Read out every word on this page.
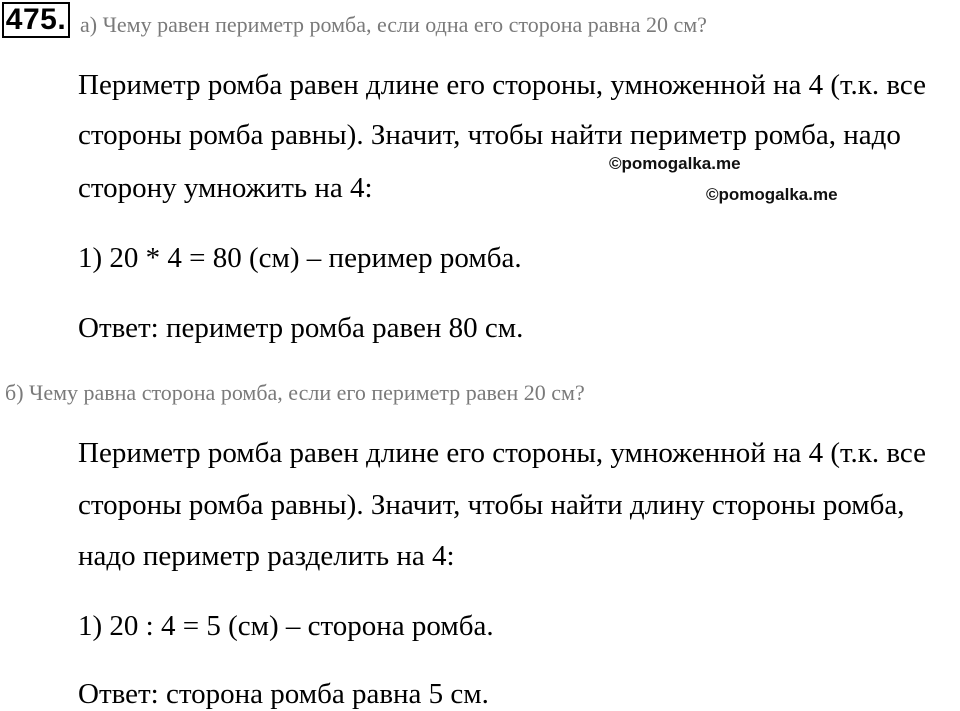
475. а) Чему равен периметр ромба, если одна его сторона равна 20 см?
Периметр ромба равен длине его стороны, умноженной на 4 (т.к. все
стороны ромба равны). Значит, чтобы найти периметр ромба, надо
©pomogalka.me
сторону умножить на 4:	©pomogalka.me
1) 20 * 4 = 80 (см) – пеример ромба.
Ответ: периметр ромба равен 80 см.
б) Чему равна сторона ромба, если его периметр равен 20 см?
Периметр ромба равен длине его стороны, умноженной на 4 (т.к. все
стороны ромба равны). Значит, чтобы найти длину стороны ромба,
надо периметр разделить на 4:
1) 20 : 4 = 5 (см) – сторона ромба.
Ответ: сторона ромба равна 5 см.
